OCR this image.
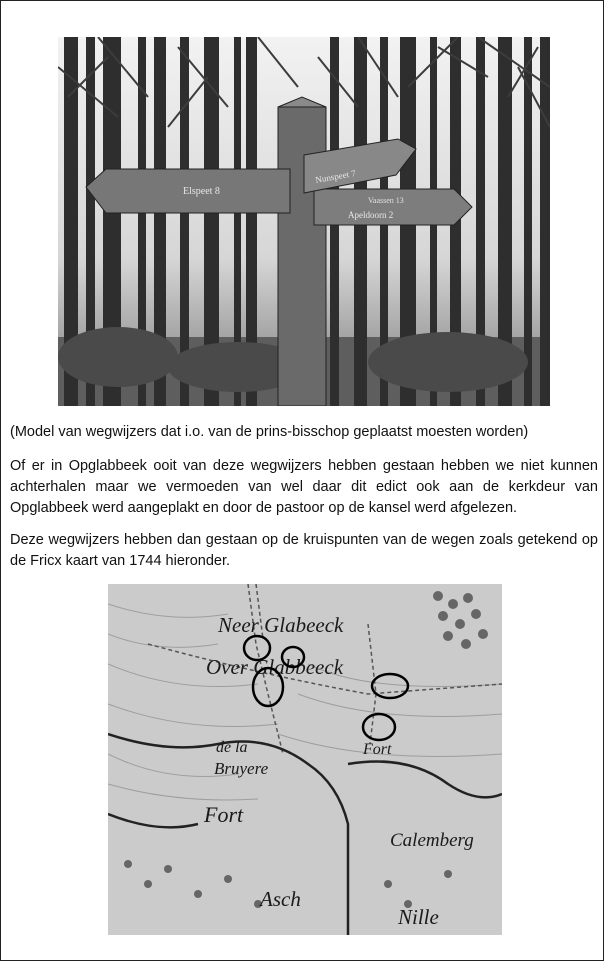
Elspeet 8
Nunspeet 7
Vaassen 13
Apeldoorn 2
(Model van wegwijzers dat i.o. van de prins-bisschop geplaatst moesten worden)

Of er in Opglabbeek ooit van deze wegwijzers hebben gestaan hebben we niet kunnen achterhalen maar we vermoeden van wel daar dit edict ook aan de kerkdeur van Opglabbeek werd aangeplakt en door de pastoor op de kansel werd afgelezen.

Deze wegwijzers hebben dan gestaan op de kruispunten van de wegen zoals getekend op de Fricx kaart van 1744 hieronder.

Neer Glabeeck
Over Glabbeeck
de la
Bruyere
Fort
Fort
Calemberg
Asch
Nille
